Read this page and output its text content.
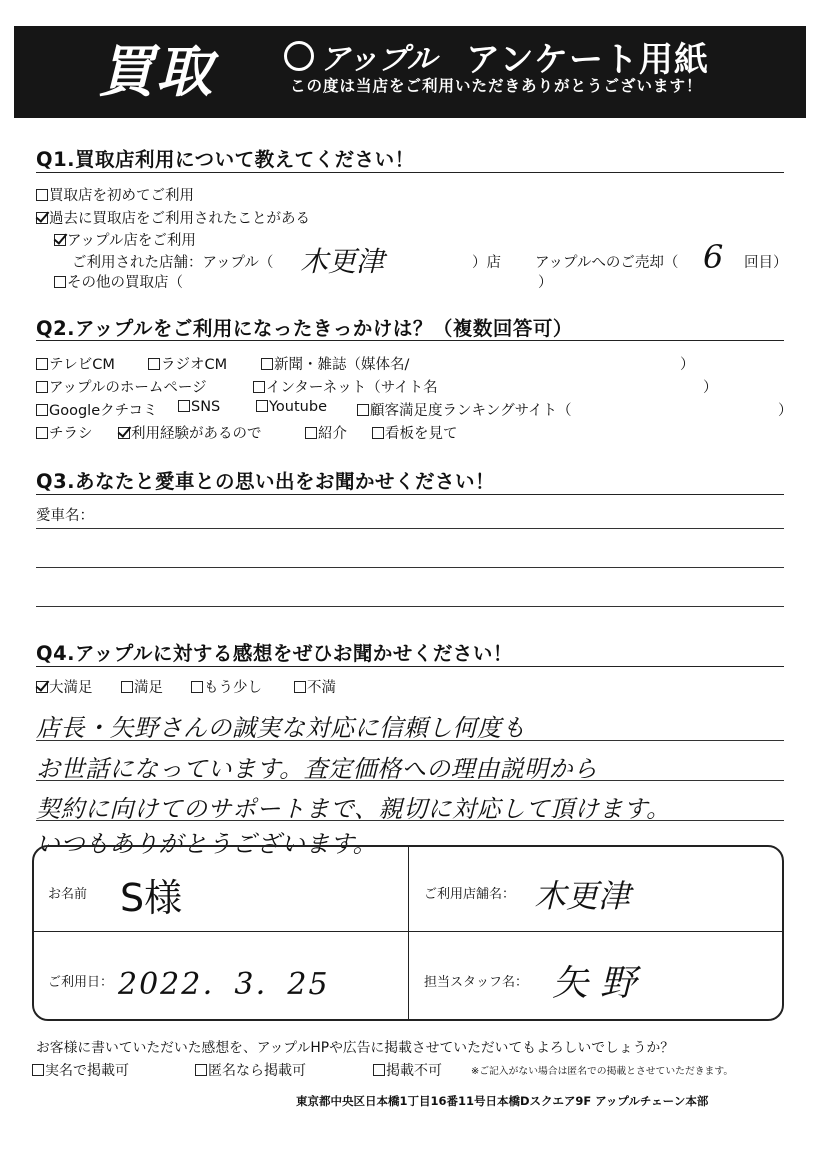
買取	アップル アンケート用紙
この度は当店をご利用いただきありがとうございます！
Q1.買取店利用について教えてください！
買取店を初めてご利用
過去に買取店をご利用されたことがある
アップル店をご利用
ご利用された店舗：アップル（ 木更津	）店 アップルへのご売却（ 6 回目）
その他の買取店（	）
Q2.アップルをご利用になったきっかけは？（複数回答可）
テレビCM	ラジオCM	新聞・雑誌（媒体名/	）
アップルのホームページ	インターネット（サイト名	）
Googleクチコミ	SNS	Youtube	顧客満足度ランキングサイト（	）
チラシ	利用経験があるので	紹介	看板を見て
Q3.あなたと愛車との思い出をお聞かせください！
愛車名：
Q4.アップルに対する感想をぜひお聞かせください！
大満足	満足	もう少し	不満
店長・矢野さんの誠実な対応に信頼し何度も
お世話になっています。査定価格への理由説明から
契約に向けてのサポートまで、親切に対応して頂けます。
いつもありがとうございます。
お名前 S様	ご利用店舗名： 木更津
ご利用日： 2022．3．25	担当スタッフ名： 矢野
お客様に書いていただいた感想を、アップルHPや広告に掲載させていただいてもよろしいでしょうか？
実名で掲載可	匿名なら掲載可	掲載不可	※ご記入がない場合は匿名での掲載とさせていただきます。
東京都中央区日本橋1丁目16番11号日本橋Dスクエア9F アップルチェーン本部
